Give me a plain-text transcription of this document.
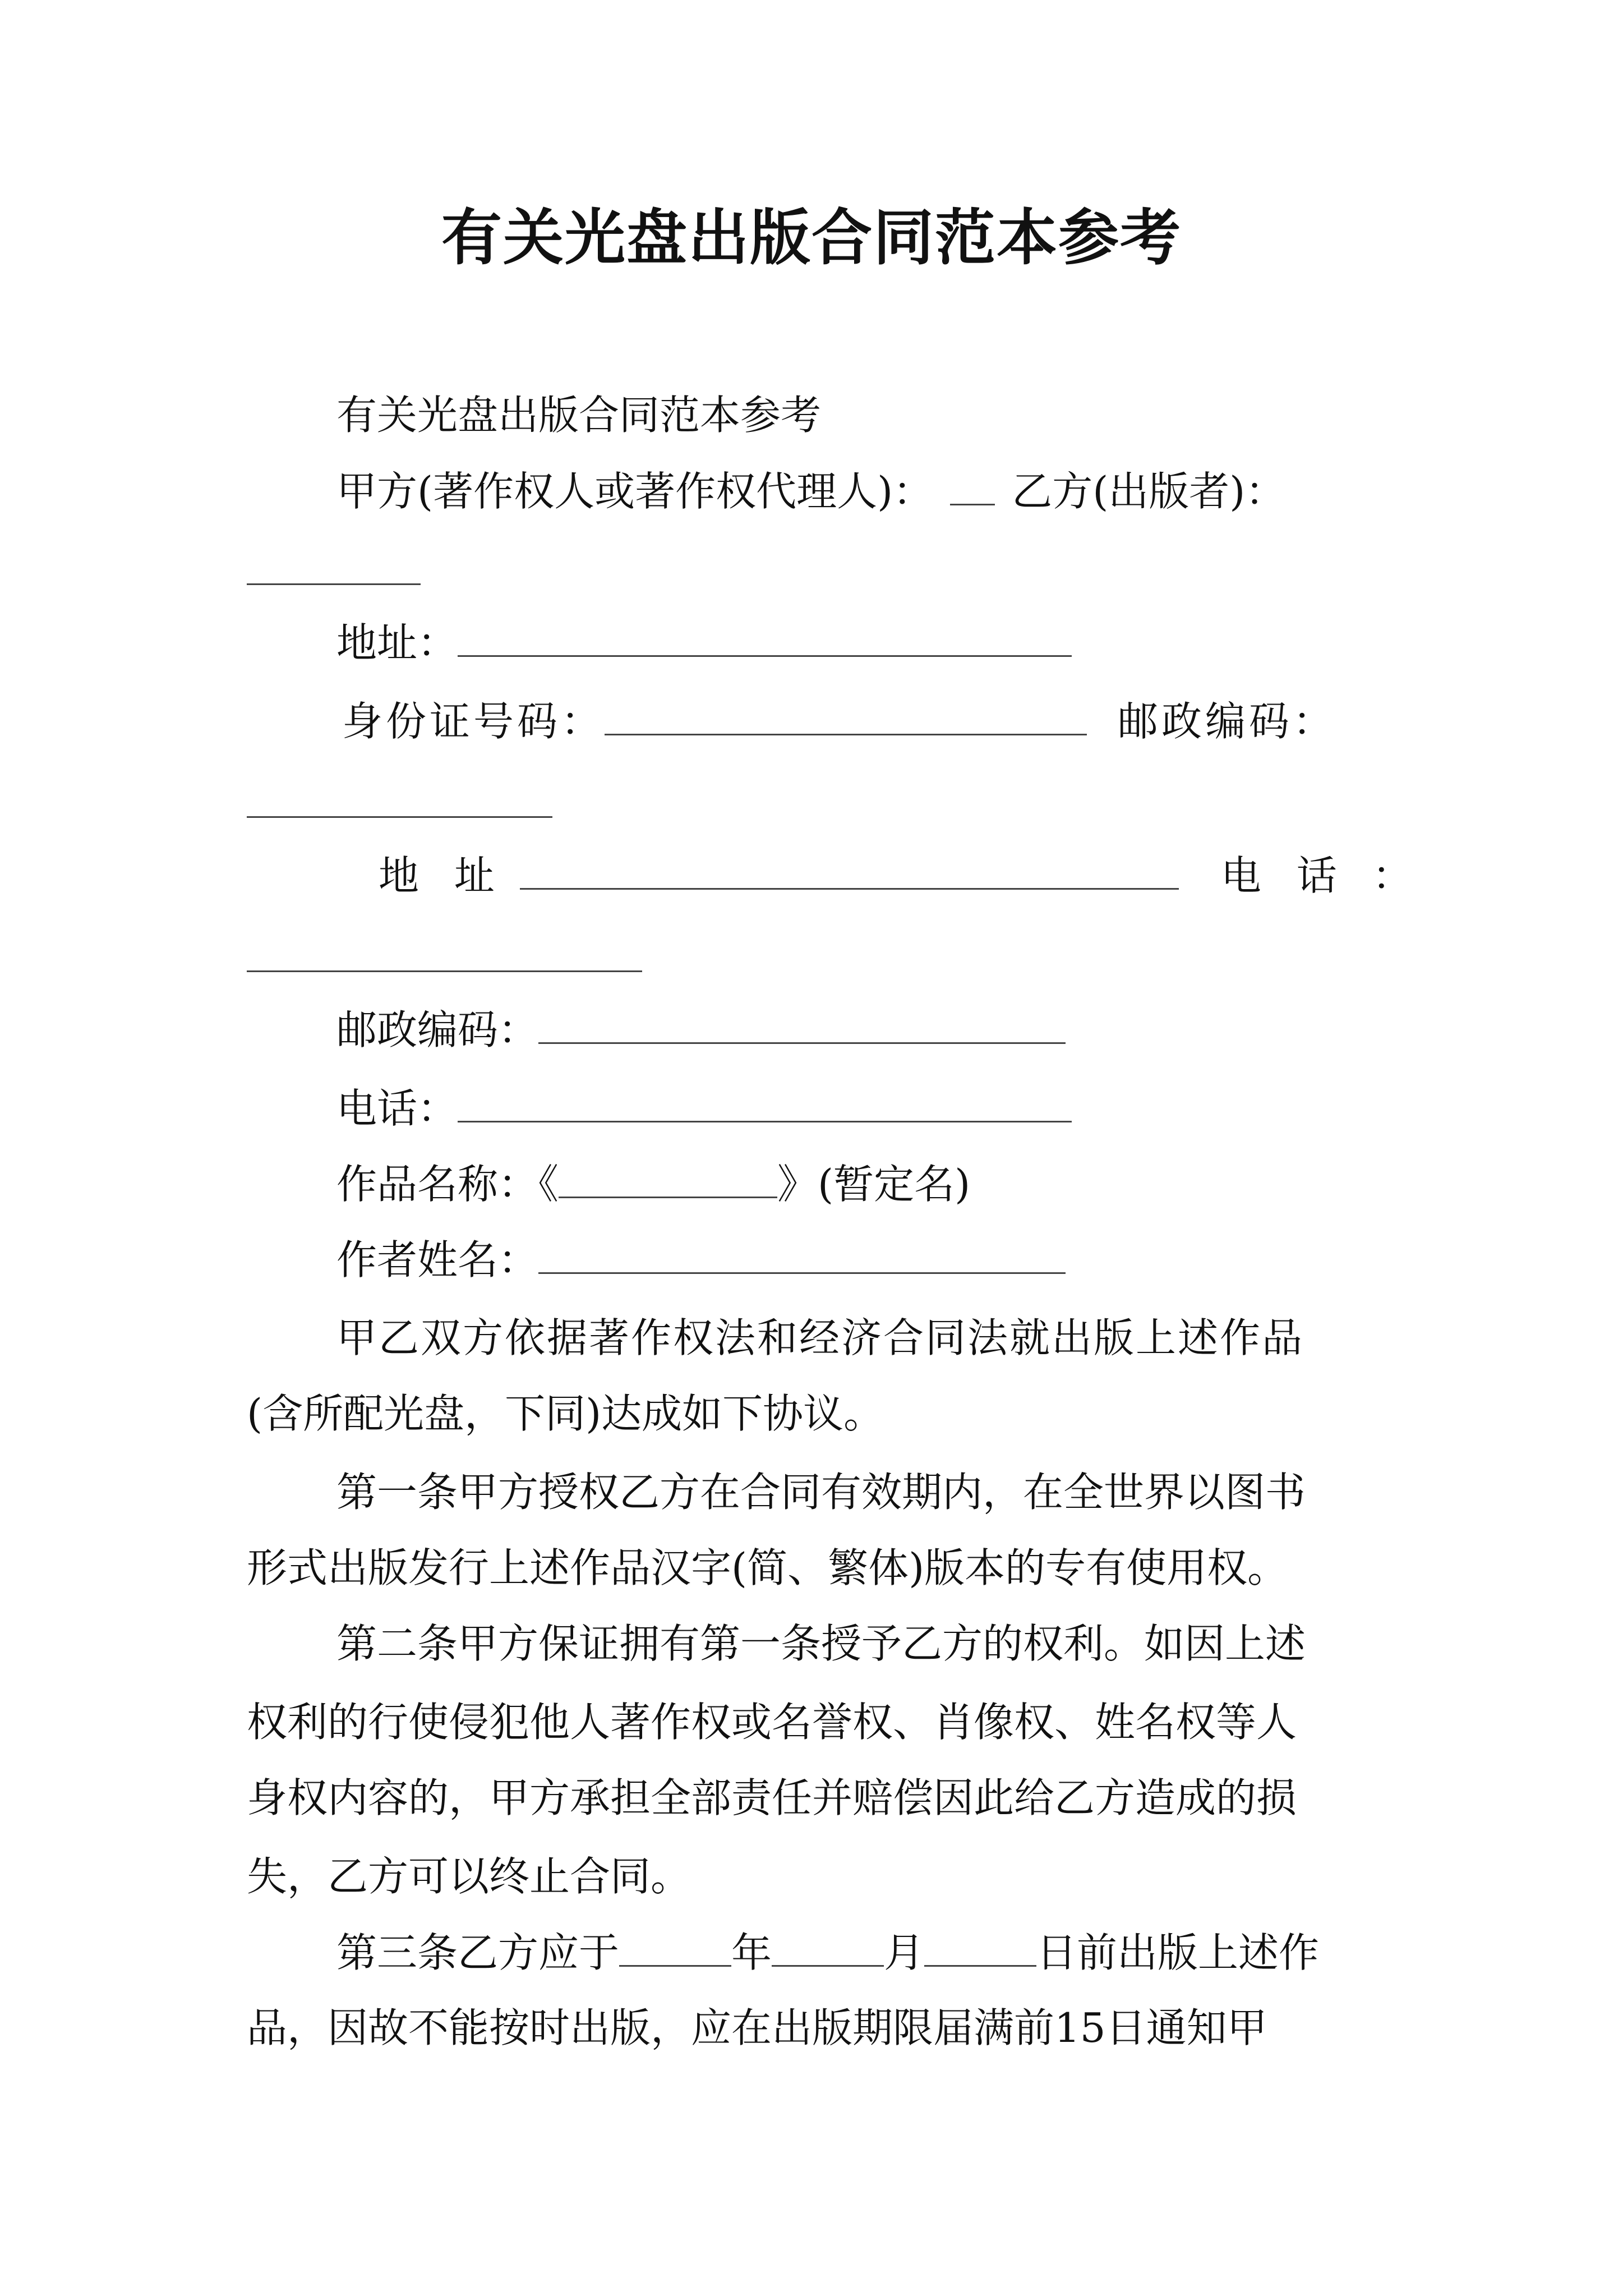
有关光盘出版合同范本参考
有关光盘出版合同范本参考
甲方(著作权人或著作权代理人)： 乙方(出版者)：
地址：
身份证号码：	邮政编码：
地 址	电 话 ：
邮政编码：
电话：
作品名称：《	》(暂定名)
作者姓名：
甲乙双方依据著作权法和经济合同法就出版上述作品
(含所配光盘，下同)达成如下协议。
第一条甲方授权乙方在合同有效期内，在全世界以图书
形式出版发行上述作品汉字(简、繁体)版本的专有使用权。
第二条甲方保证拥有第一条授予乙方的权利。如因上述
权利的行使侵犯他人著作权或名誉权、肖像权、姓名权等人
身权内容的，甲方承担全部责任并赔偿因此给乙方造成的损
失，乙方可以终止合同。
第三条乙方应于	年	月	日前出版上述作
品，因故不能按时出版，应在出版期限届满前15日通知甲
